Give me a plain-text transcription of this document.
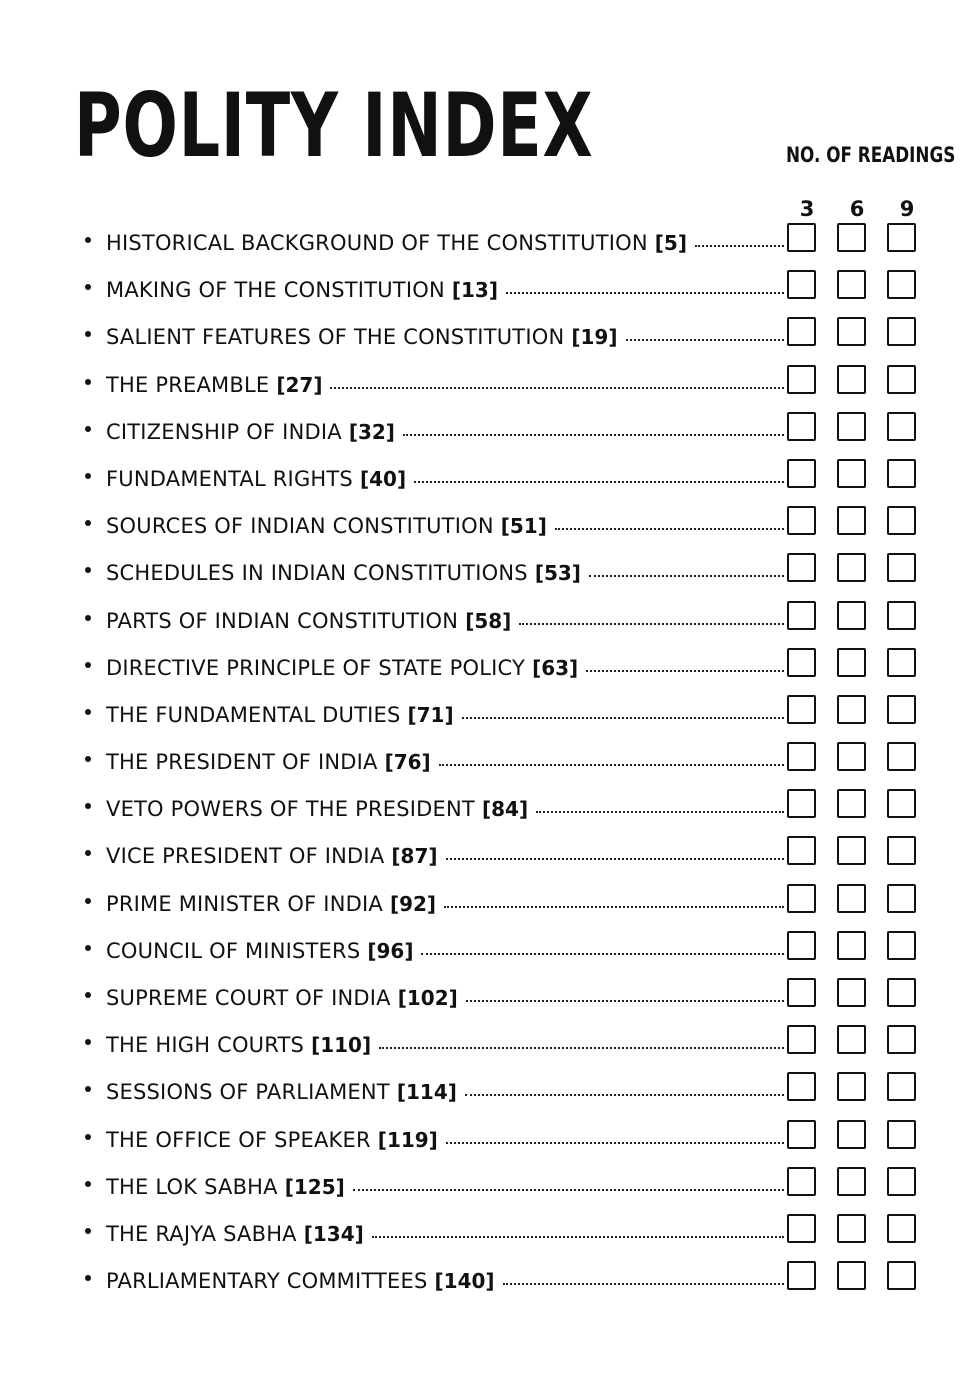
POLITY INDEX	NO. OF READINGS
3	6	9
HISTORICAL BACKGROUND OF THE CONSTITUTION [5]
MAKING OF THE CONSTITUTION [13]
SALIENT FEATURES OF THE CONSTITUTION [19]
THE PREAMBLE [27]
CITIZENSHIP OF INDIA [32]
FUNDAMENTAL RIGHTS [40]
SOURCES OF INDIAN CONSTITUTION [51]
SCHEDULES IN INDIAN CONSTITUTIONS [53]
PARTS OF INDIAN CONSTITUTION [58]
DIRECTIVE PRINCIPLE OF STATE POLICY [63]
THE FUNDAMENTAL DUTIES [71]
THE PRESIDENT OF INDIA [76]
VETO POWERS OF THE PRESIDENT [84]
VICE PRESIDENT OF INDIA [87]
PRIME MINISTER OF INDIA [92]
COUNCIL OF MINISTERS [96]
SUPREME COURT OF INDIA [102]
THE HIGH COURTS [110]
SESSIONS OF PARLIAMENT [114]
THE OFFICE OF SPEAKER [119]
THE LOK SABHA [125]
THE RAJYA SABHA [134]
PARLIAMENTARY COMMITTEES [140]
